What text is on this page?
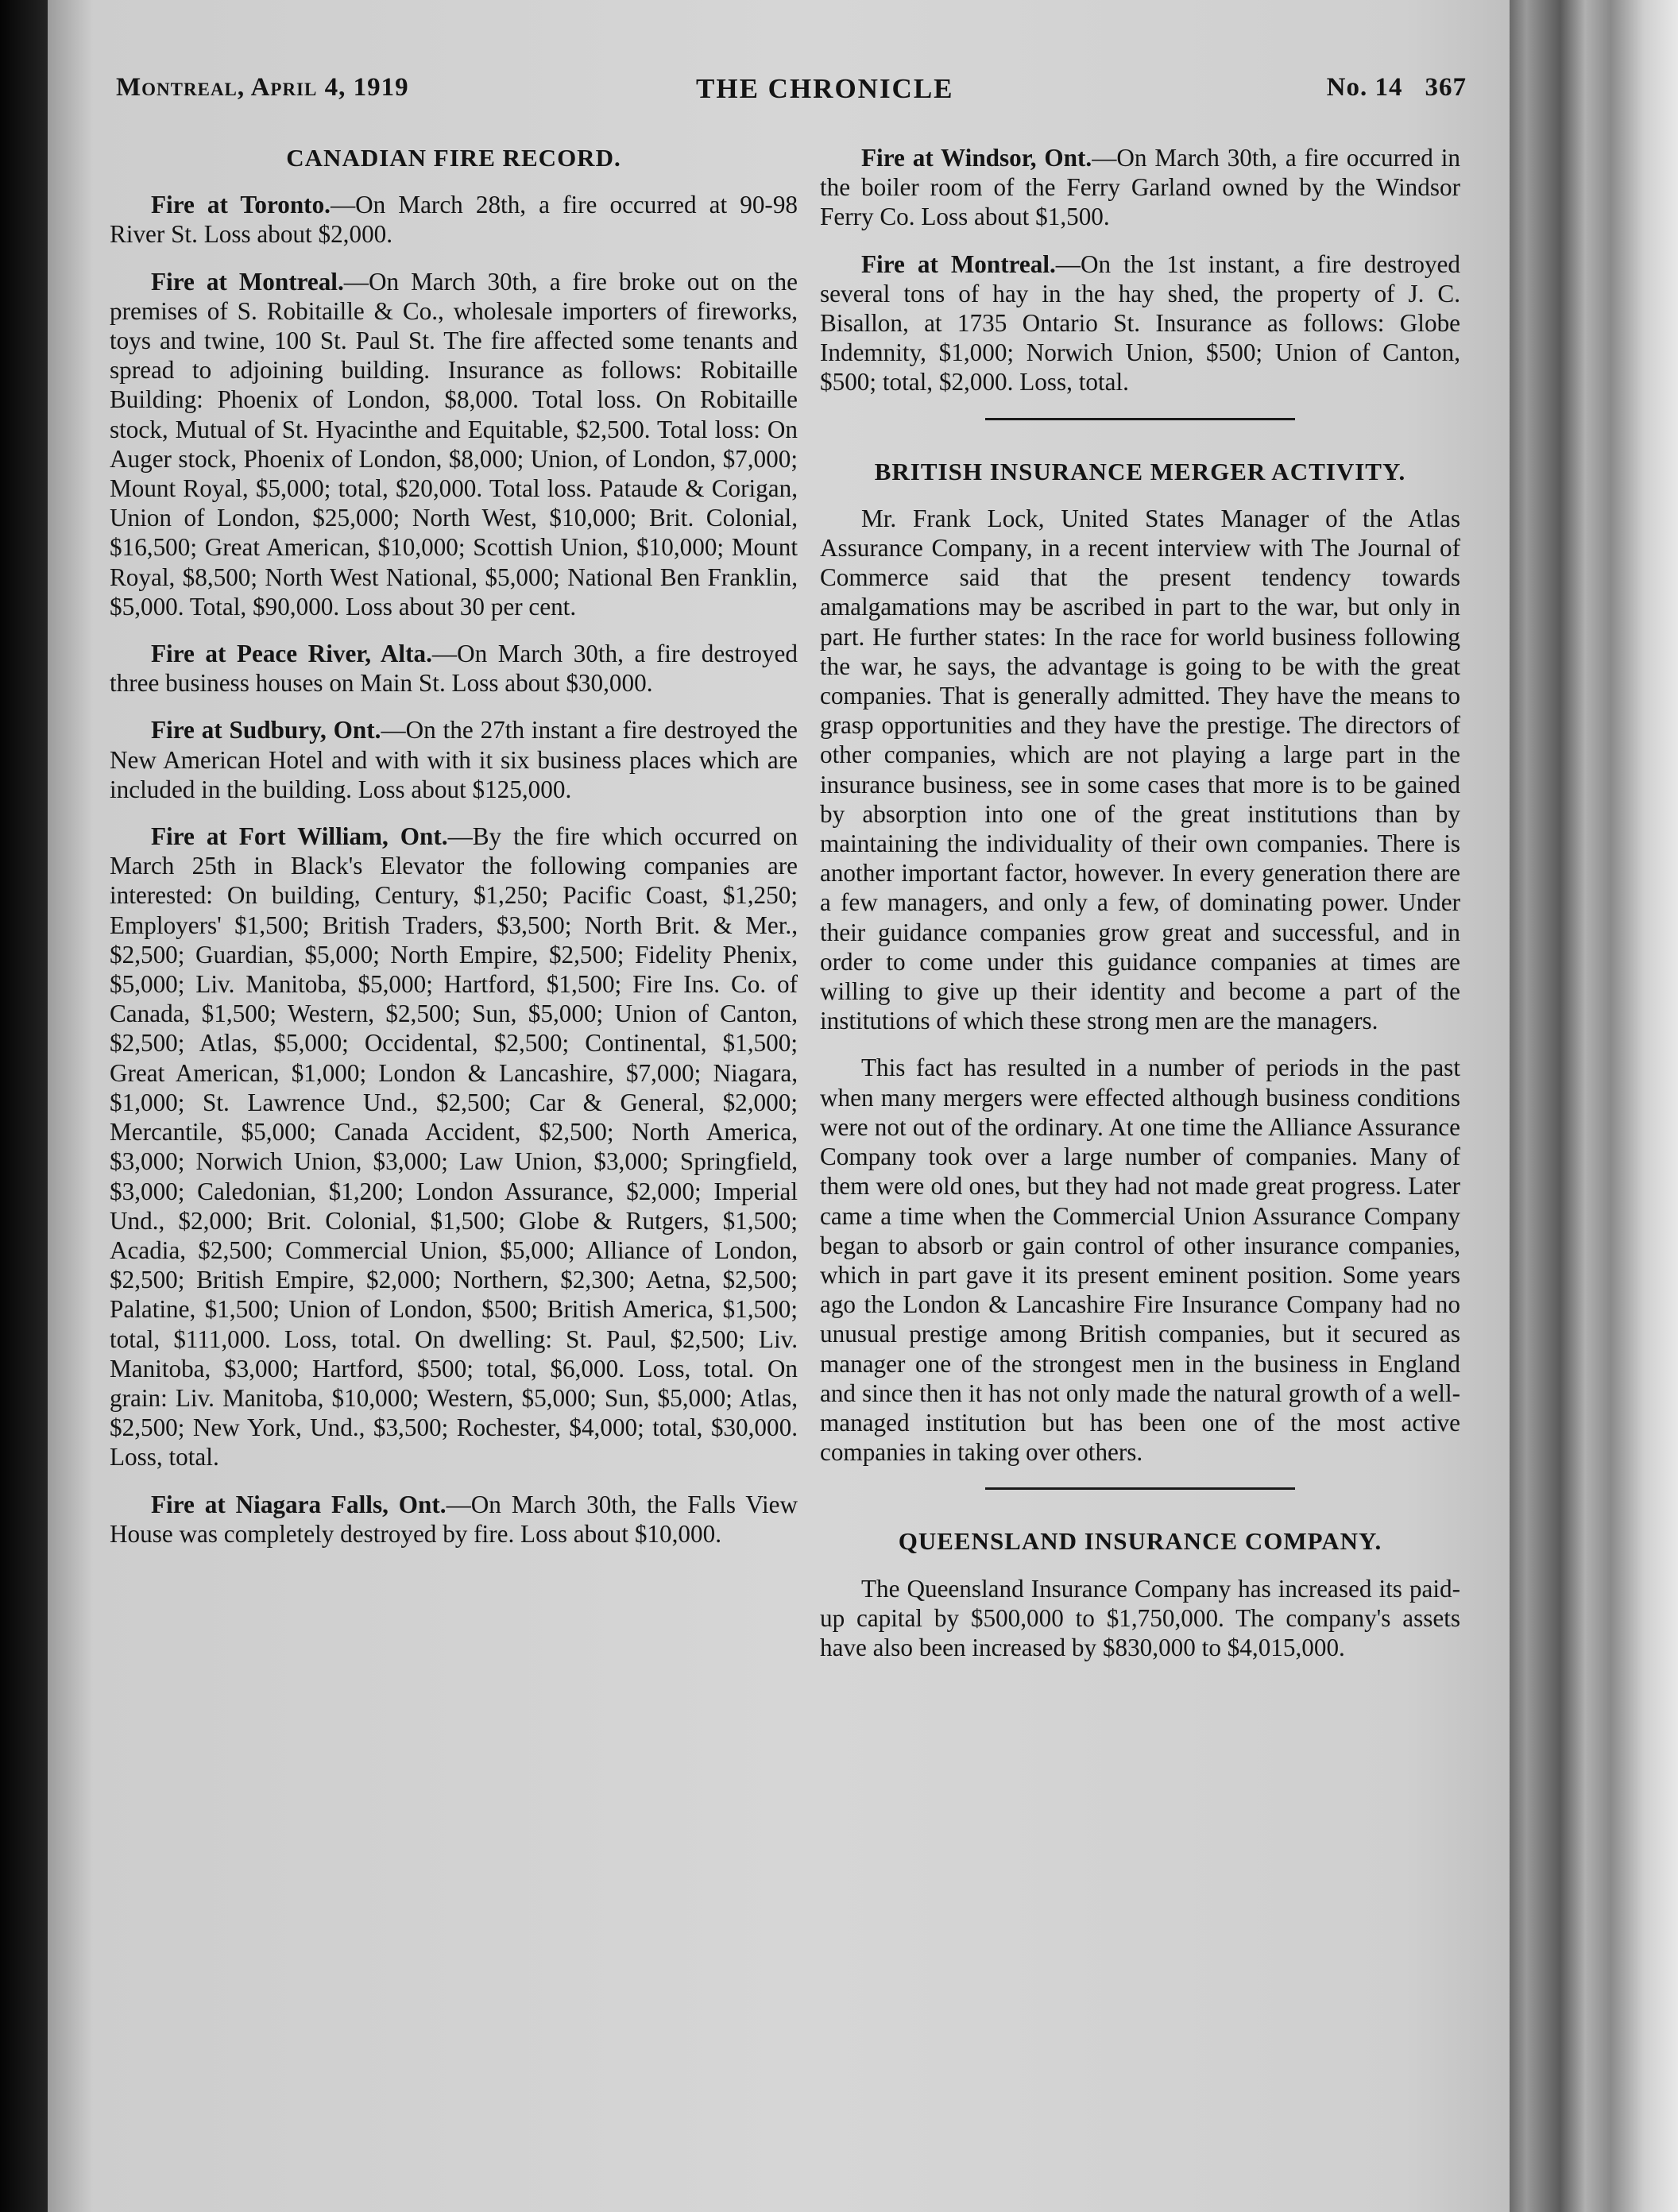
Montreal, April 4, 1919	THE CHRONICLE	No. 14 367
CANADIAN FIRE RECORD.

Fire at Toronto.—On March 28th, a fire occurred at 90-98 River St. Loss about $2,000.

Fire at Montreal.—On March 30th, a fire broke out on the premises of S. Robitaille & Co., wholesale importers of fireworks, toys and twine, 100 St. Paul St. The fire affected some tenants and spread to adjoining building. Insurance as follows: Robitaille Building: Phoenix of London, $8,000. Total loss. On Robitaille stock, Mutual of St. Hyacinthe and Equitable, $2,500. Total loss: On Auger stock, Phoenix of London, $8,000; Union, of London, $7,000; Mount Royal, $5,000; total, $20,000. Total loss. Pataude & Corigan, Union of London, $25,000; North West, $10,000; Brit. Colonial, $16,500; Great American, $10,000; Scottish Union, $10,000; Mount Royal, $8,500; North West National, $5,000; National Ben Franklin, $5,000. Total, $90,000. Loss about 30 per cent.

Fire at Peace River, Alta.—On March 30th, a fire destroyed three business houses on Main St. Loss about $30,000.

Fire at Sudbury, Ont.—On the 27th instant a fire destroyed the New American Hotel and with with it six business places which are included in the building. Loss about $125,000.

Fire at Fort William, Ont.—By the fire which occurred on March 25th in Black's Elevator the following companies are interested: On building, Century, $1,250; Pacific Coast, $1,250; Employers' $1,500; British Traders, $3,500; North Brit. & Mer., $2,500; Guardian, $5,000; North Empire, $2,500; Fidelity Phenix, $5,000; Liv. Manitoba, $5,000; Hartford, $1,500; Fire Ins. Co. of Canada, $1,500; Western, $2,500; Sun, $5,000; Union of Canton, $2,500; Atlas, $5,000; Occidental, $2,500; Continental, $1,500; Great American, $1,000; London & Lancashire, $7,000; Niagara, $1,000; St. Lawrence Und., $2,500; Car & General, $2,000; Mercantile, $5,000; Canada Accident, $2,500; North America, $3,000; Norwich Union, $3,000; Law Union, $3,000; Springfield, $3,000; Caledonian, $1,200; London Assurance, $2,000; Imperial Und., $2,000; Brit. Colonial, $1,500; Globe & Rutgers, $1,500; Acadia, $2,500; Commercial Union, $5,000; Alliance of London, $2,500; British Empire, $2,000; Northern, $2,300; Aetna, $2,500; Palatine, $1,500; Union of London, $500; British America, $1,500; total, $111,000. Loss, total. On dwelling: St. Paul, $2,500; Liv. Manitoba, $3,000; Hartford, $500; total, $6,000. Loss, total. On grain: Liv. Manitoba, $10,000; Western, $5,000; Sun, $5,000; Atlas, $2,500; New York, Und., $3,500; Rochester, $4,000; total, $30,000. Loss, total.

Fire at Niagara Falls, Ont.—On March 30th, the Falls View House was completely destroyed by fire. Loss about $10,000.

Fire at Windsor, Ont.—On March 30th, a fire occurred in the boiler room of the Ferry Garland owned by the Windsor Ferry Co. Loss about $1,500.

Fire at Montreal.—On the 1st instant, a fire destroyed several tons of hay in the hay shed, the property of J. C. Bisallon, at 1735 Ontario St. Insurance as follows: Globe Indemnity, $1,000; Norwich Union, $500; Union of Canton, $500; total, $2,000. Loss, total.

BRITISH INSURANCE MERGER ACTIVITY.

Mr. Frank Lock, United States Manager of the Atlas Assurance Company, in a recent interview with The Journal of Commerce said that the present tendency towards amalgamations may be ascribed in part to the war, but only in part. He further states: In the race for world business following the war, he says, the advantage is going to be with the great companies. That is generally admitted. They have the means to grasp opportunities and they have the prestige. The directors of other companies, which are not playing a large part in the insurance business, see in some cases that more is to be gained by absorption into one of the great institutions than by maintaining the individuality of their own companies. There is another important factor, however. In every generation there are a few managers, and only a few, of dominating power. Under their guidance companies grow great and successful, and in order to come under this guidance companies at times are willing to give up their identity and become a part of the institutions of which these strong men are the managers.

This fact has resulted in a number of periods in the past when many mergers were effected although business conditions were not out of the ordinary. At one time the Alliance Assurance Company took over a large number of companies. Many of them were old ones, but they had not made great progress. Later came a time when the Commercial Union Assurance Company began to absorb or gain control of other insurance companies, which in part gave it its present eminent position. Some years ago the London & Lancashire Fire Insurance Company had no unusual prestige among British companies, but it secured as manager one of the strongest men in the business in England and since then it has not only made the natural growth of a well-managed institution but has been one of the most active companies in taking over others.

QUEENSLAND INSURANCE COMPANY.

The Queensland Insurance Company has increased its paid-up capital by $500,000 to $1,750,000. The company's assets have also been increased by $830,000 to $4,015,000.
